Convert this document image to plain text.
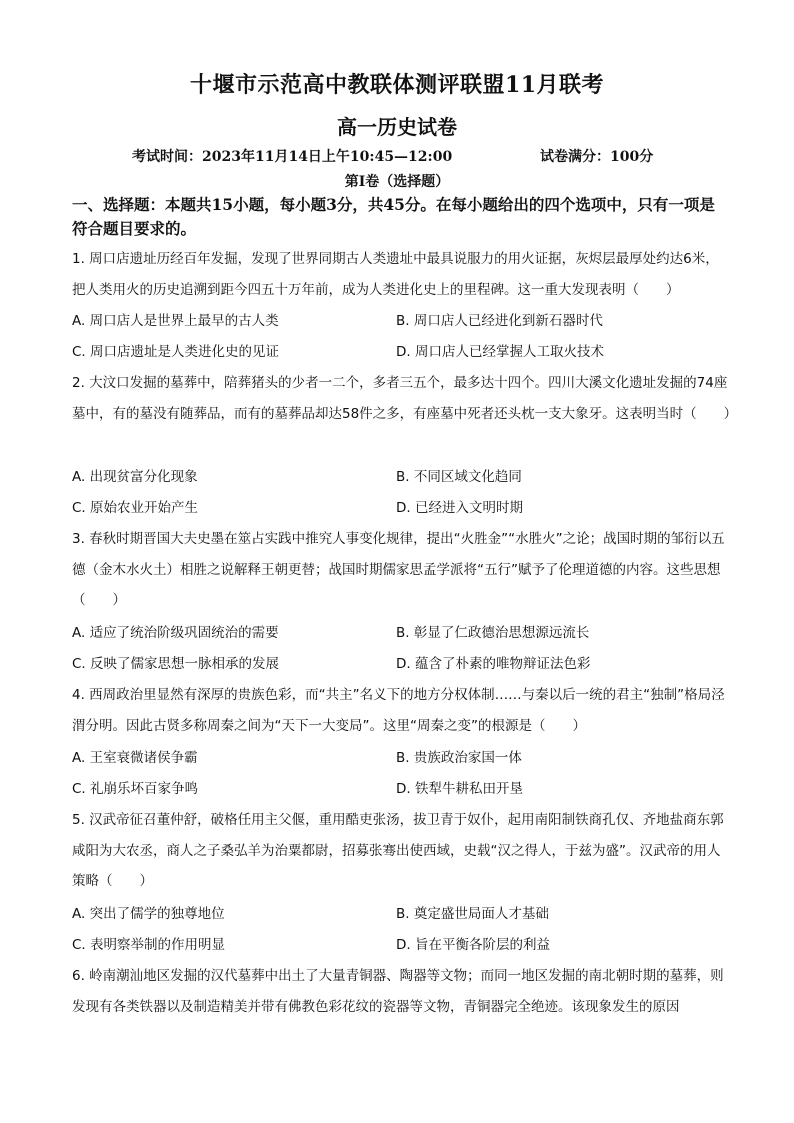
十堰市示范高中教联体测评联盟11月联考
高一历史试卷
考试时间：2023年11月14日上午10:45—12:00	试卷满分：100分
第Ⅰ卷（选择题）
一、选择题：本题共15小题，每小题3分，共45分。在每小题给出的四个选项中，只有一项是符合题目要求的。
1. 周口店遗址历经百年发掘，发现了世界同期古人类遗址中最具说服力的用火证据，灰烬层最厚处约达6米，把人类用火的历史追溯到距今四五十万年前，成为人类进化史上的里程碑。这一重大发现表明（　　）
A. 周口店人是世界上最早的古人类	B. 周口店人已经进化到新石器时代
C. 周口店遗址是人类进化史的见证	D. 周口店人已经掌握人工取火技术
2. 大汶口发掘的墓葬中，陪葬猪头的少者一二个，多者三五个，最多达十四个。四川大溪文化遗址发掘的74座墓中，有的墓没有随葬品，而有的墓葬品却达58件之多，有座墓中死者还头枕一支大象牙。这表明当时（　　）
A. 出现贫富分化现象	B. 不同区域文化趋同
C. 原始农业开始产生	D. 已经进入文明时期
3. 春秋时期晋国大夫史墨在筮占实践中推究人事变化规律，提出“火胜金”“水胜火”之论；战国时期的邹衍以五德（金木水火土）相胜之说解释王朝更替；战国时期儒家思孟学派将“五行”赋予了伦理道德的内容。这些思想（　　）
A. 适应了统治阶级巩固统治的需要	B. 彰显了仁政德治思想源远流长
C. 反映了儒家思想一脉相承的发展	D. 蕴含了朴素的唯物辩证法色彩
4. 西周政治里显然有深厚的贵族色彩，而“共主”名义下的地方分权体制……与秦以后一统的君主“独制”格局泾渭分明。因此古贤多称周秦之间为“天下一大变局”。这里“周秦之变”的根源是（　　）
A. 王室衰微诸侯争霸	B. 贵族政治家国一体
C. 礼崩乐坏百家争鸣	D. 铁犁牛耕私田开垦
5. 汉武帝征召董仲舒，破格任用主父偃，重用酷吏张汤，拔卫青于奴仆，起用南阳制铁商孔仅、齐地盐商东郭咸阳为大农丞，商人之子桑弘羊为治粟都尉，招募张骞出使西域，史载“汉之得人，于兹为盛”。汉武帝的用人策略（　　）
A. 突出了儒学的独尊地位	B. 奠定盛世局面人才基础
C. 表明察举制的作用明显	D. 旨在平衡各阶层的利益
6. 岭南潮汕地区发掘的汉代墓葬中出土了大量青铜器、陶器等文物；而同一地区发掘的南北朝时期的墓葬，则发现有各类铁器以及制造精美并带有佛教色彩花纹的瓷器等文物，青铜器完全绝迹。该现象发生的原因
